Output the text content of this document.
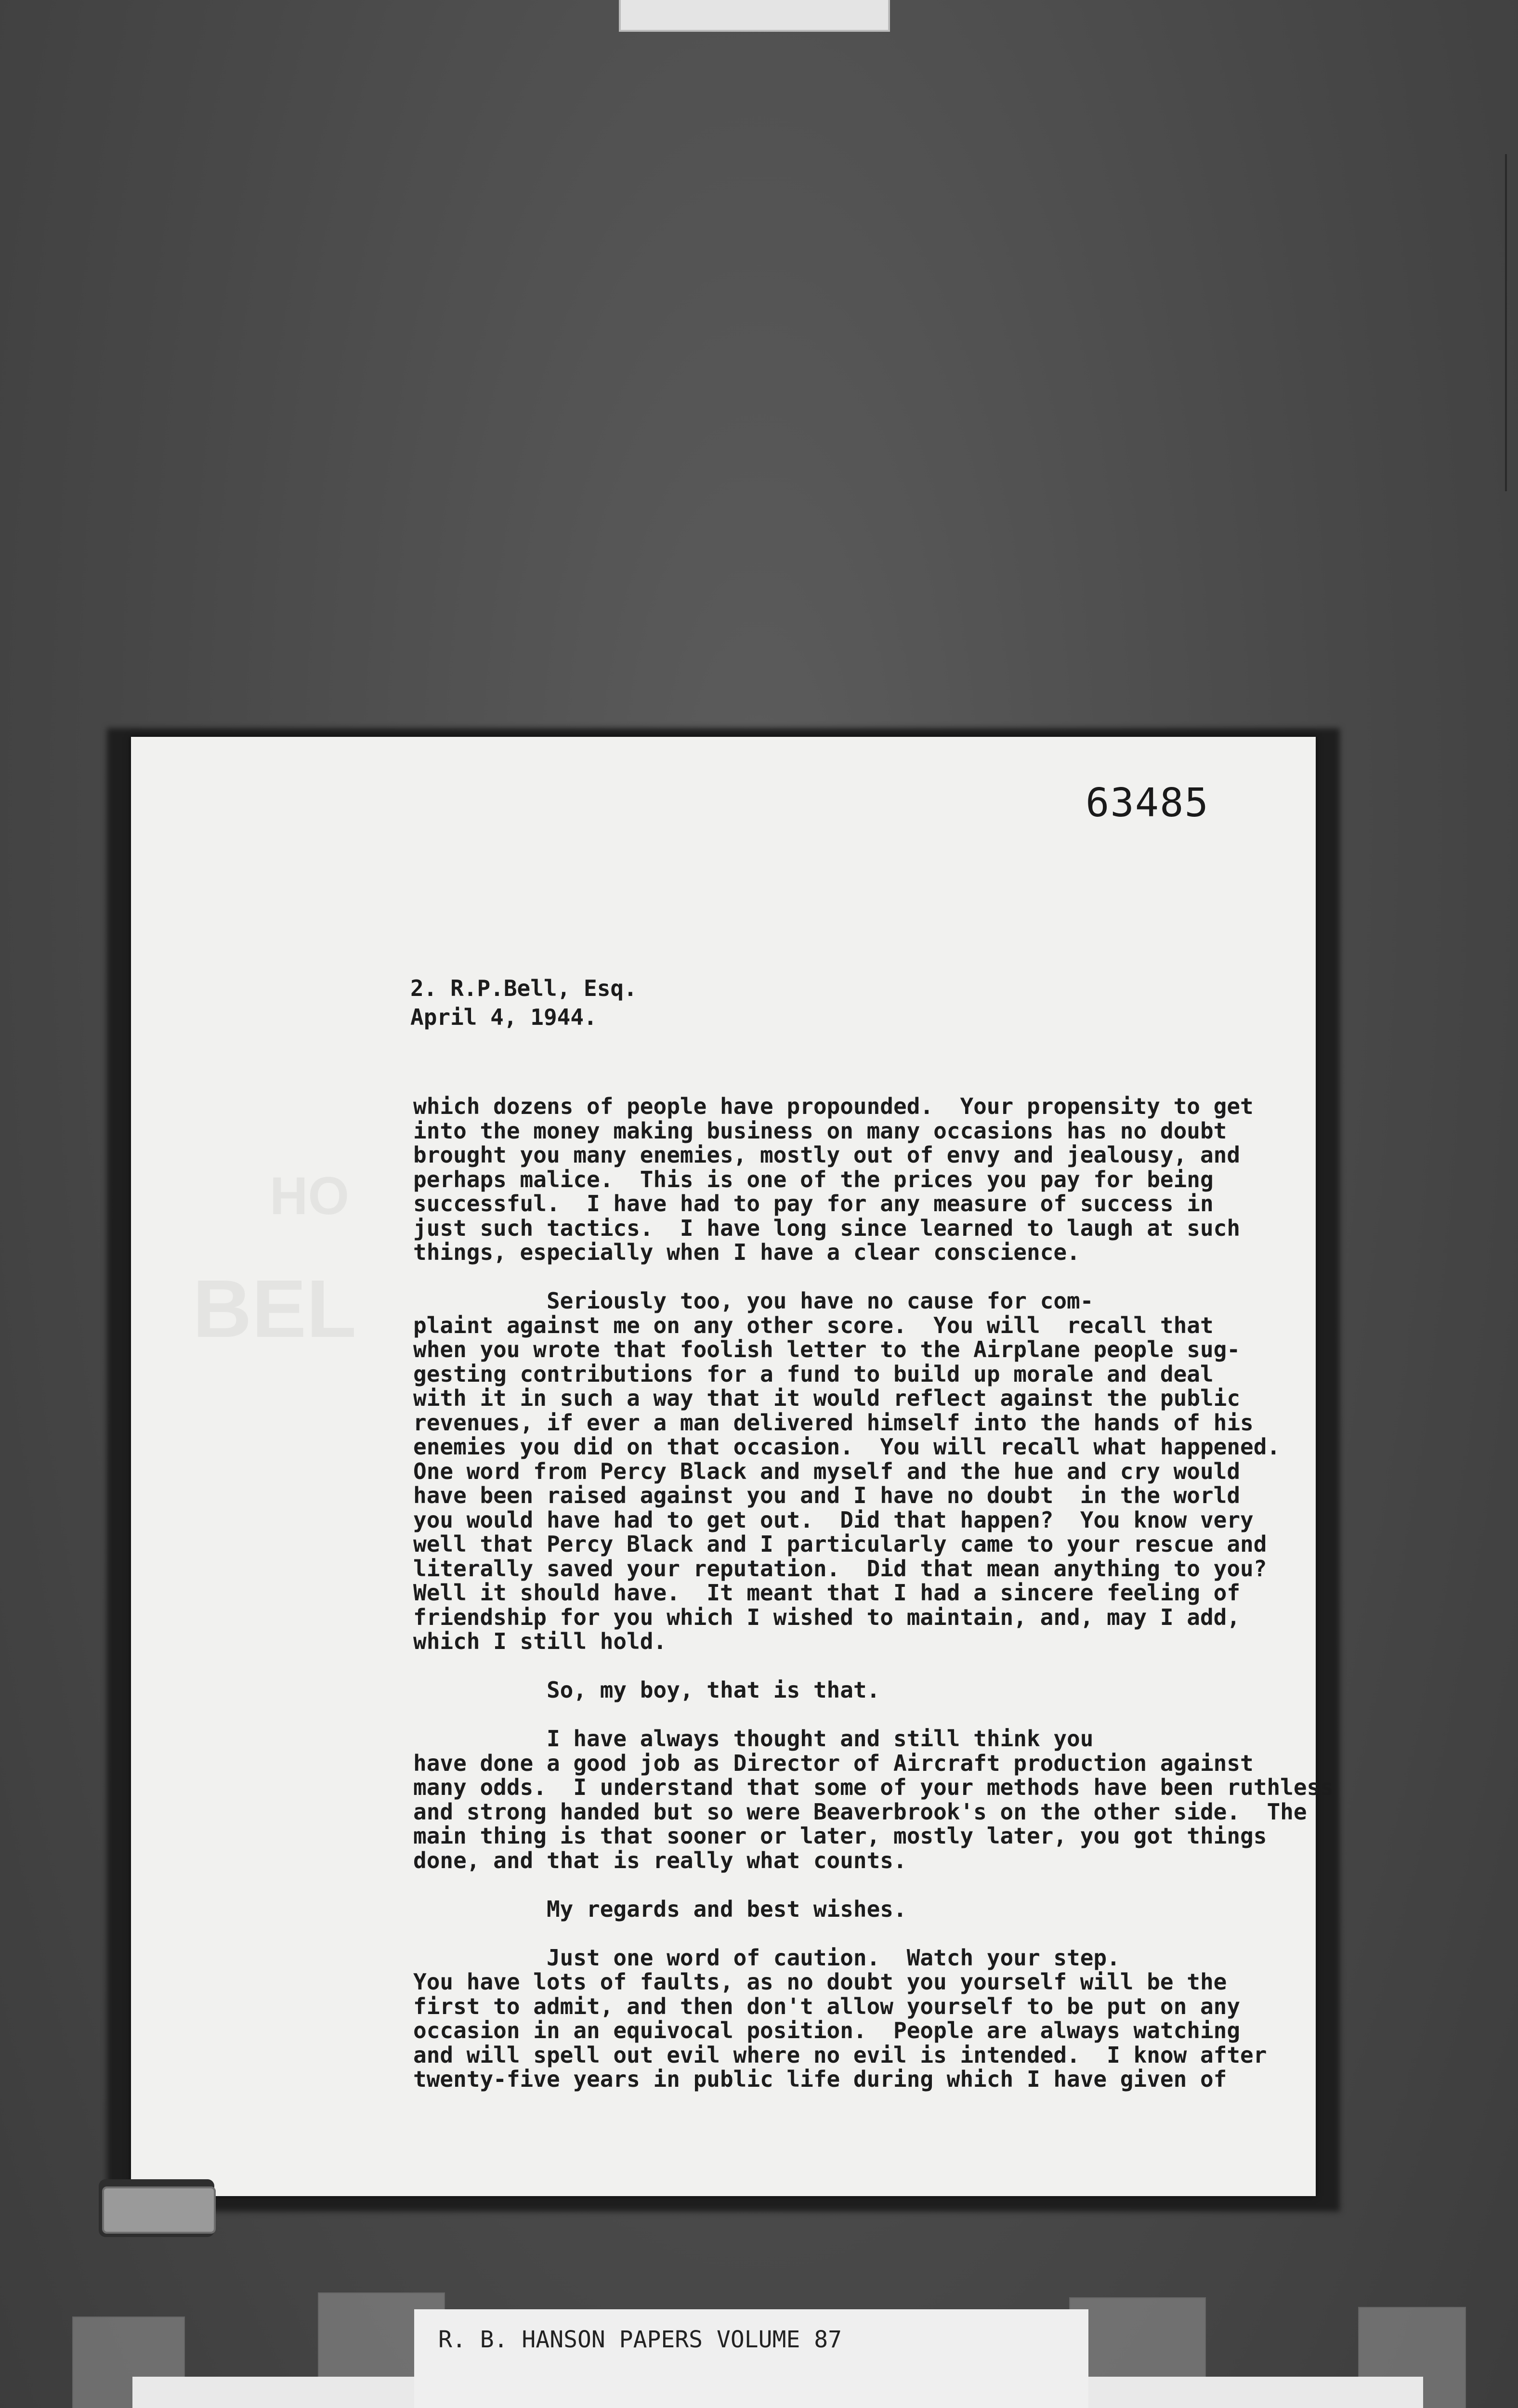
HO
BEL
63485
2. R.P.Bell, Esq.
April 4, 1944.
which dozens of people have propounded.  Your propensity to get
into the money making business on many occasions has no doubt
brought you many enemies, mostly out of envy and jealousy, and
perhaps malice.  This is one of the prices you pay for being
successful.  I have had to pay for any measure of success in
just such tactics.  I have long since learned to laugh at such
things, especially when I have a clear conscience.
Seriously too, you have no cause for com-
plaint against me on any other score.  You will  recall that
when you wrote that foolish letter to the Airplane people sug-
gesting contributions for a fund to build up morale and deal
with it in such a way that it would reflect against the public
revenues, if ever a man delivered himself into the hands of his
enemies you did on that occasion.  You will recall what happened.
One word from Percy Black and myself and the hue and cry would
have been raised against you and I have no doubt  in the world
you would have had to get out.  Did that happen?  You know very
well that Percy Black and I particularly came to your rescue and
literally saved your reputation.  Did that mean anything to you?
Well it should have.  It meant that I had a sincere feeling of
friendship for you which I wished to maintain, and, may I add,
which I still hold.
So, my boy, that is that.
I have always thought and still think you
have done a good job as Director of Aircraft production against
many odds.  I understand that some of your methods have been ruthless
and strong handed but so were Beaverbrook's on the other side.  The
main thing is that sooner or later, mostly later, you got things
done, and that is really what counts.
My regards and best wishes.
Just one word of caution.  Watch your step.
You have lots of faults, as no doubt you yourself will be the
first to admit, and then don't allow yourself to be put on any
occasion in an equivocal position.  People are always watching
and will spell out evil where no evil is intended.  I know after
twenty-five years in public life during which I have given of
R. B. HANSON PAPERS VOLUME 87
